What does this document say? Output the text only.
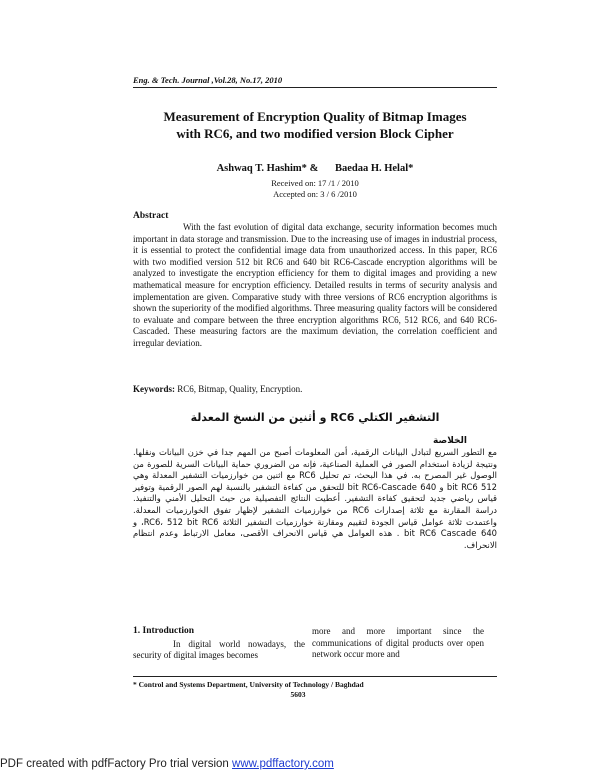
Eng. & Tech. Journal ,Vol.28, No.17, 2010
Measurement of Encryption Quality of Bitmap Images
with RC6, and two modified version Block Cipher
Ashwaq T. Hashim* & Baedaa H. Helal*
Received on: 17 /1 / 2010
Accepted on: 3 / 6 /2010
Abstract

With the fast evolution of digital data exchange, security information becomes much important in data storage and transmission. Due to the increasing use of images in industrial process, it is essential to protect the confidential image data from unauthorized access. In this paper, RC6 with two modified version 512 bit RC6 and 640 bit RC6-Cascade encryption algorithms will be analyzed to investigate the encryption efficiency for them to digital images and providing a new mathematical measure for encryption efficiency. Detailed results in terms of security analysis and implementation are given. Comparative study with three versions of RC6 encryption algorithms is shown the superiority of the modified algorithms. Three measuring quality factors will be considered to evaluate and compare between the three encryption algorithms RC6, 512 RC6, and 640 RC6-Cascaded. These measuring factors are the maximum deviation, the correlation coefficient and irregular deviation.

Keywords: RC6, Bitmap, Quality, Encryption.
التشفير الكتلي RC6 و أثنين من النسخ المعدلة
الخلاصة

مع التطور السريع لتبادل البيانات الرقمية، أمن المعلومات أصبح من المهم جدا في خزن البيانات ونقلها. ونتيجة لزيادة استخدام الصور في العملية الصناعية، فإنه من الضروري حماية البيانات السرية للصورة من الوصول غير المصرح به. في هذا البحث، تم تحليل RC6 مع اثنين من خوارزميات التشفير المعدلة وهي 512 bit RC6 و 640 bit RC6-Cascade للتحقق من كفاءة التشفير بالنسبة لهم الصور الرقمية وتوفير قياس رياضي جديد لتحقيق كفاءة التشفير. أعطيت النتائج التفصيلية من حيث التحليل الأمني والتنفيذ. دراسة المقارنة مع ثلاثة إصدارات RC6 من خوارزميات التشفير لإظهار تفوق الخوارزميات المعدلة. واعتمدت ثلاثة عوامل قياس الجودة لتقييم ومقارنة خوارزميات التشفير الثلاثة RC6، 512 bit RC6، و 640 bit RC6 Cascade . هذه العوامل هي قياس الانحراف الأقصى، معامل الارتباط وعدم انتظام الانحراف.

1. Introduction

In digital world nowadays, the security of digital images becomes

more and more important since the communications of digital products over open network occur more and

* Control and Systems Department, University of Technology / Baghdad
5603
PDF created with pdfFactory Pro trial version www.pdffactory.com
